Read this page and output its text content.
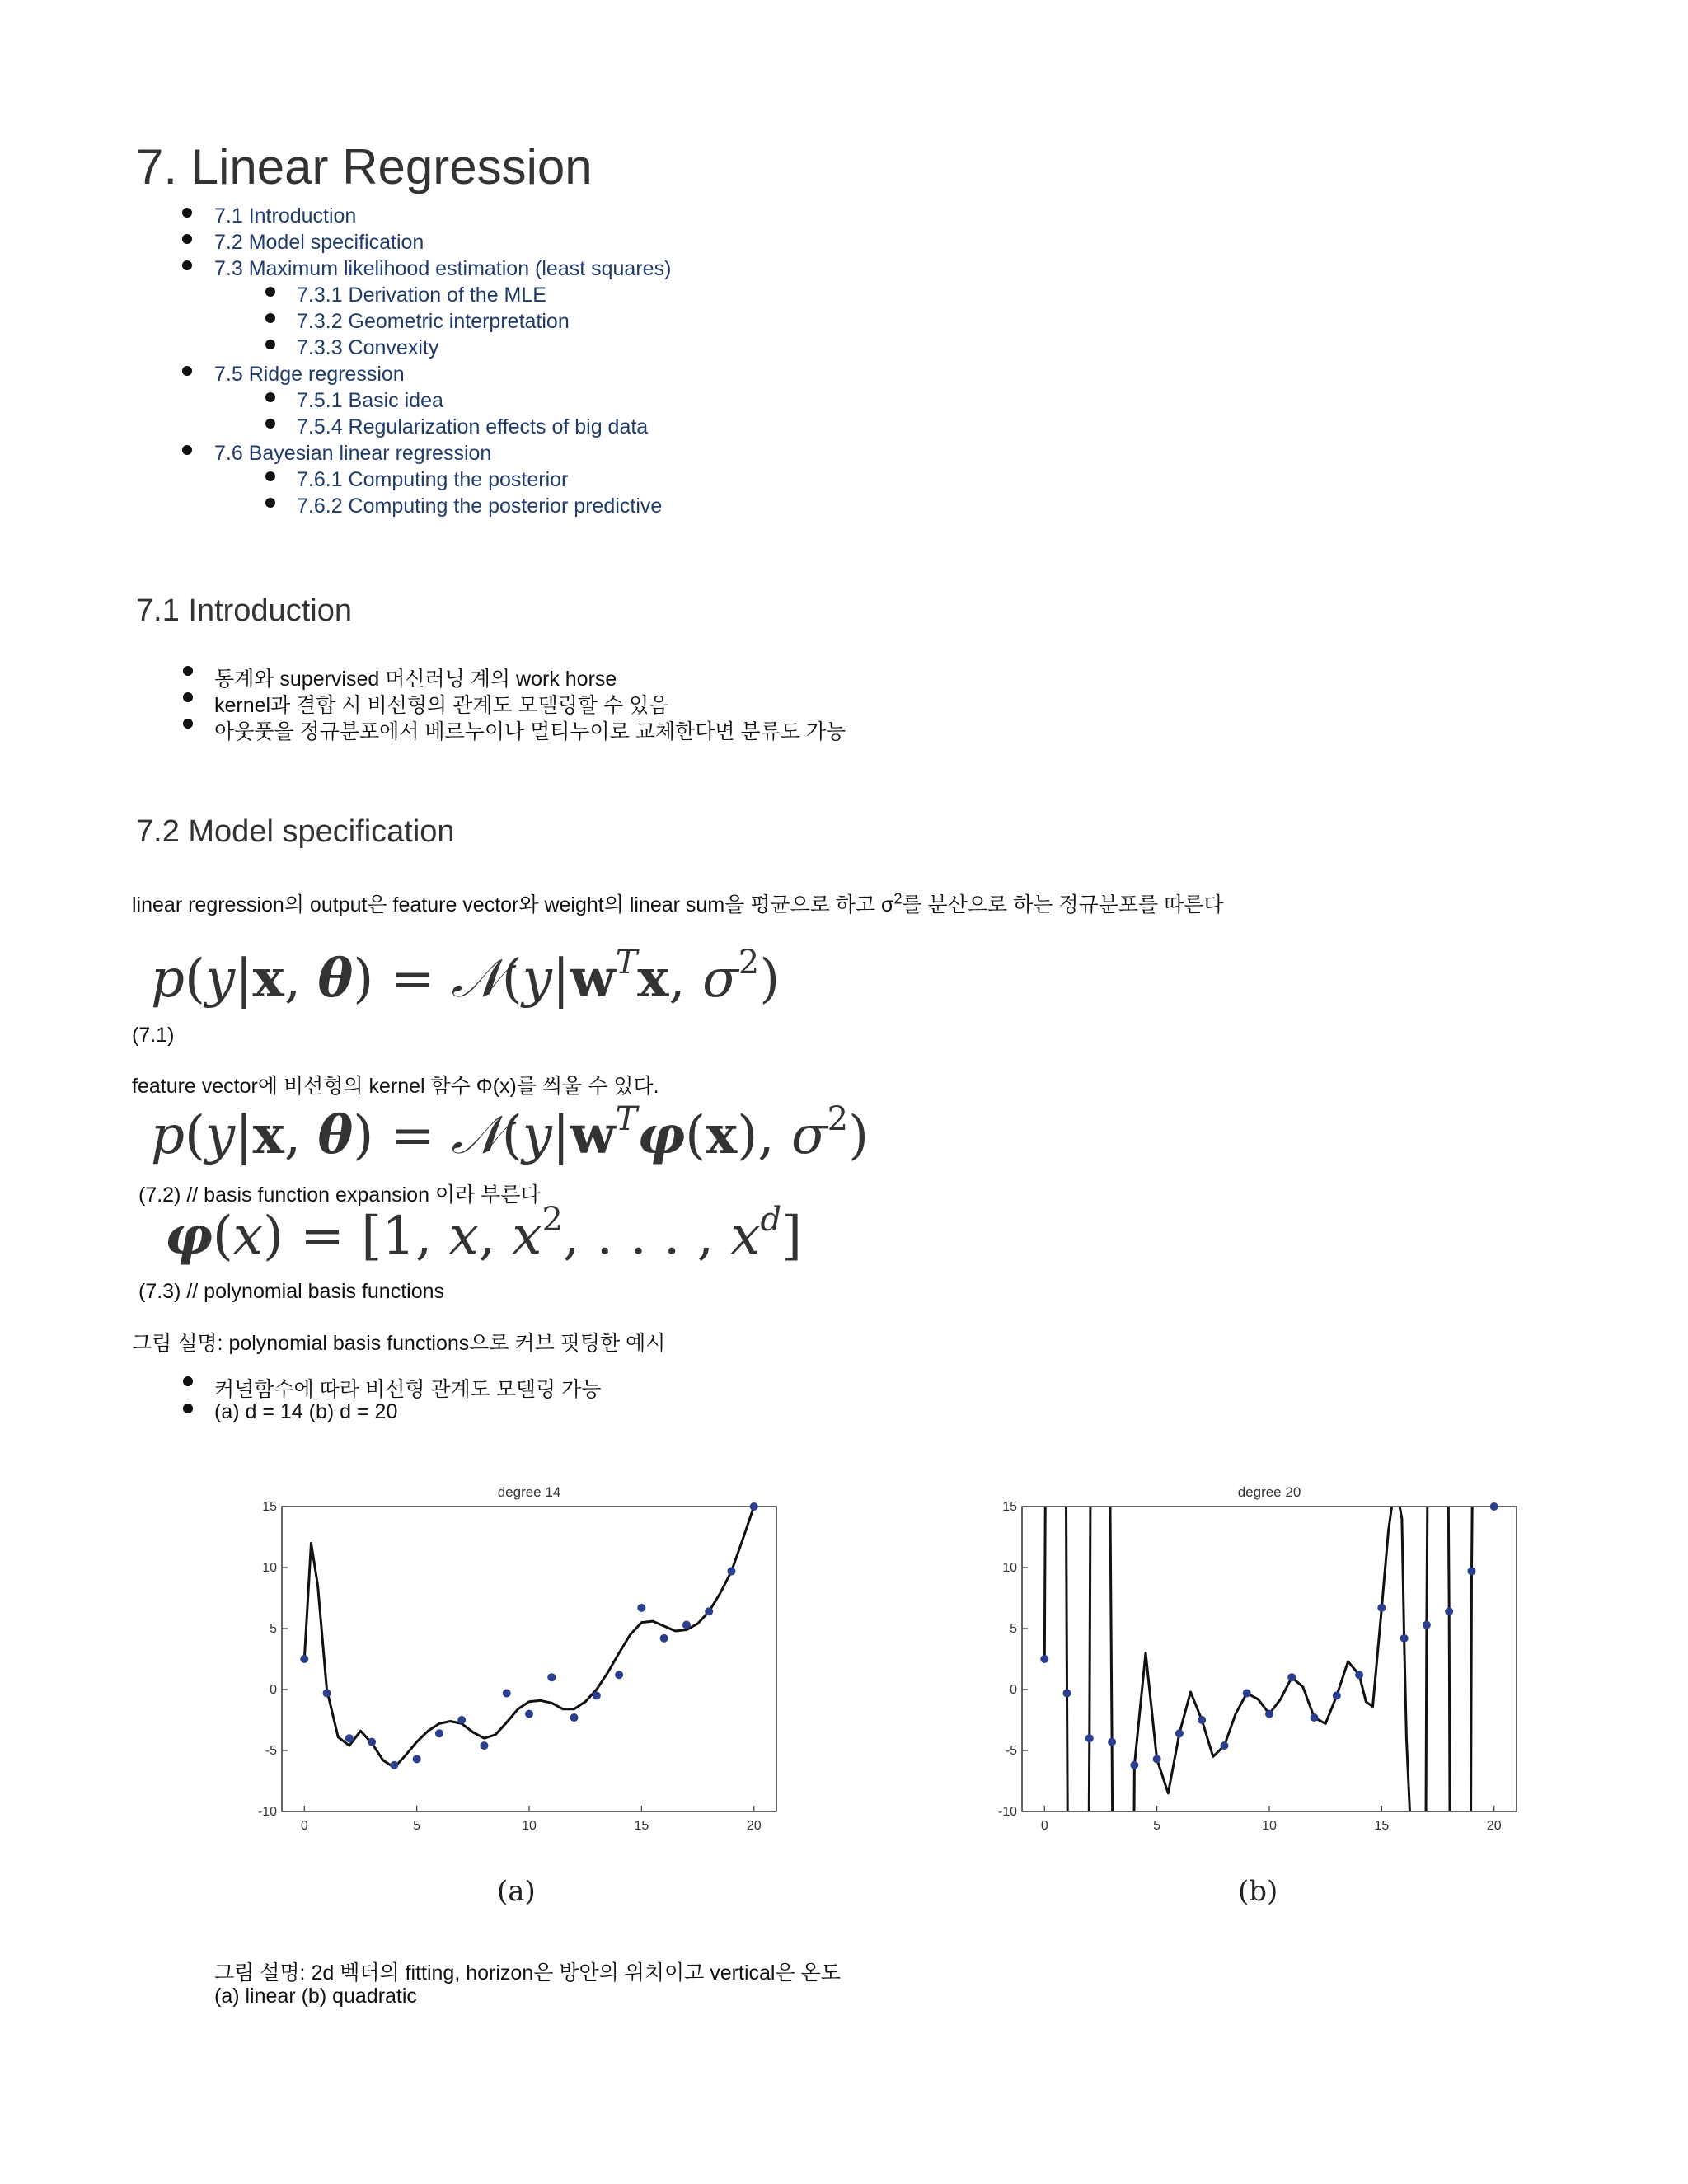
7. Linear Regression
7.1 Introduction
7.2 Model specification
7.3 Maximum likelihood estimation (least squares)
7.3.1 Derivation of the MLE
7.3.2 Geometric interpretation
7.3.3 Convexity
7.5 Ridge regression
7.5.1 Basic idea
7.5.4 Regularization effects of big data
7.6 Bayesian linear regression
7.6.1 Computing the posterior
7.6.2 Computing the posterior predictive
7.1 Introduction
통계와 supervised 머신러닝 계의 work horse
kernel과 결합 시 비선형의 관계도 모델링할 수 있음
아웃풋을 정규분포에서 베르누이나 멀티누이로 교체한다면 분류도 가능
7.2 Model specification
linear regression의 output은 feature vector와 weight의 linear sum을 평균으로 하고 $\sigma^2$를 분산으로 하는 정규분포를 따른다
p(y|x, $\theta) = 𝒩(y|w^Tx$, $\sigma^2$)
(7.1)
feature vector에 비선형의 kernel 함수 Φ(x)를 씌울 수 있다.
p(y|x, $\theta) = 𝒩(y|w^T\varphi(x)$, $\sigma^2$)
(7.2) // basis function expansion 이라 부른다
φ(x) = [1, x, $x^2$, . . . , $x^d$]
(7.3) // polynomial basis functions
그림 설명: polynomial basis functions으로 커브 핏팅한 예시
커널함수에 따라 비선형 관계도 모델링 가능
(a) d = 14 (b) d = 20
degree 14
0	5	10	15	20
-10
-5
0
5
10
15
degree 20
0	5	10	15	20
-10
-5
0
5
10
15
(a)	(b)
그림 설명: 2d 벡터의 fitting, horizon은 방안의 위치이고 vertical은 온도
(a) linear (b) quadratic
